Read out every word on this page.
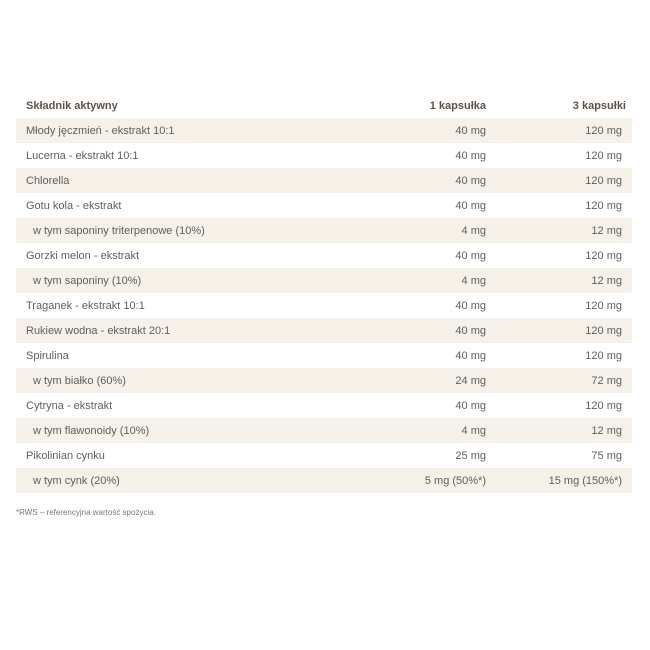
Składnik aktywny	1 kapsułka	3 kapsułki
Młody jęczmień - ekstrakt 10:1	40 mg	120 mg
Lucerna - ekstrakt 10:1	40 mg	120 mg
Chlorella	40 mg	120 mg
Gotu kola - ekstrakt	40 mg	120 mg
w tym saponiny triterpenowe (10%)	4 mg	12 mg
Gorzki melon - ekstrakt	40 mg	120 mg
w tym saponiny (10%)	4 mg	12 mg
Traganek - ekstrakt 10:1	40 mg	120 mg
Rukiew wodna - ekstrakt 20:1	40 mg	120 mg
Spirulina	40 mg	120 mg
w tym białko (60%)	24 mg	72 mg
Cytryna - ekstrakt	40 mg	120 mg
w tym flawonoidy (10%)	4 mg	12 mg
Pikolinian cynku	25 mg	75 mg
w tym cynk (20%)	5 mg (50%*)	15 mg (150%*)
*RWS – referencyjna wartość spożycia.
